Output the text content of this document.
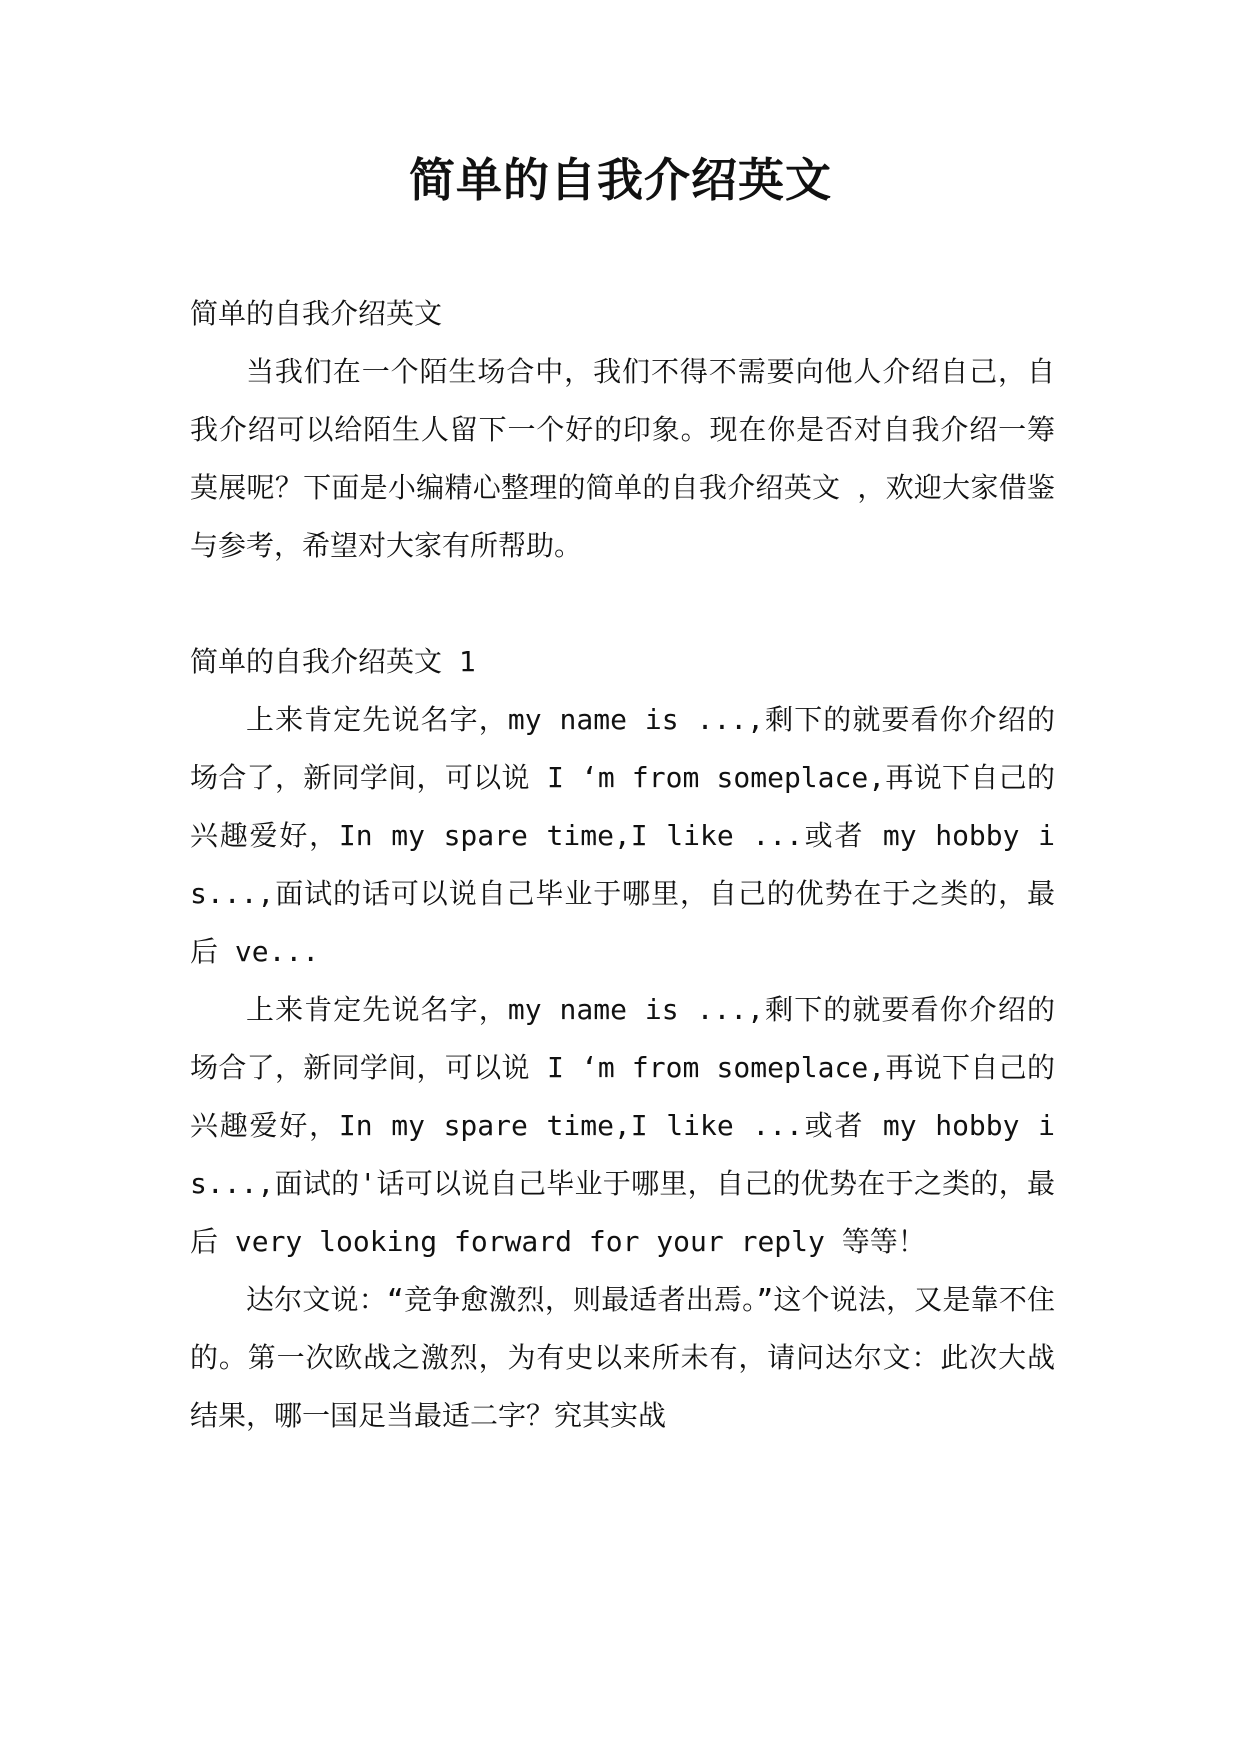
简单的自我介绍英文

简单的自我介绍英文

当我们在一个陌生场合中，我们不得不需要向他人介绍自己，自我介绍可以给陌生人留下一个好的印象。现在你是否对自我介绍一筹莫展呢？下面是小编精心整理的简单的自我介绍英文 ，欢迎大家借鉴与参考，希望对大家有所帮助。

简单的自我介绍英文 1

上来肯定先说名字，my name is ...,剩下的就要看你介绍的场合了，新同学间，可以说 I ‘m from someplace,再说下自己的兴趣爱好，In my spare time,I like ...或者 my hobby is...,面试的话可以说自己毕业于哪里，自己的优势在于之类的，最后 ve...

上来肯定先说名字，my name is ...,剩下的就要看你介绍的场合了，新同学间，可以说 I ‘m from someplace,再说下自己的兴趣爱好，In my spare time,I like ...或者 my hobby is...,面试的'话可以说自己毕业于哪里，自己的优势在于之类的，最后 very looking forward for your reply 等等！

达尔文说：“竞争愈激烈，则最适者出焉。”这个说法，又是靠不住的。第一次欧战之激烈，为有史以来所未有，请问达尔文：此次大战结果，哪一国足当最适二字？究其实战
